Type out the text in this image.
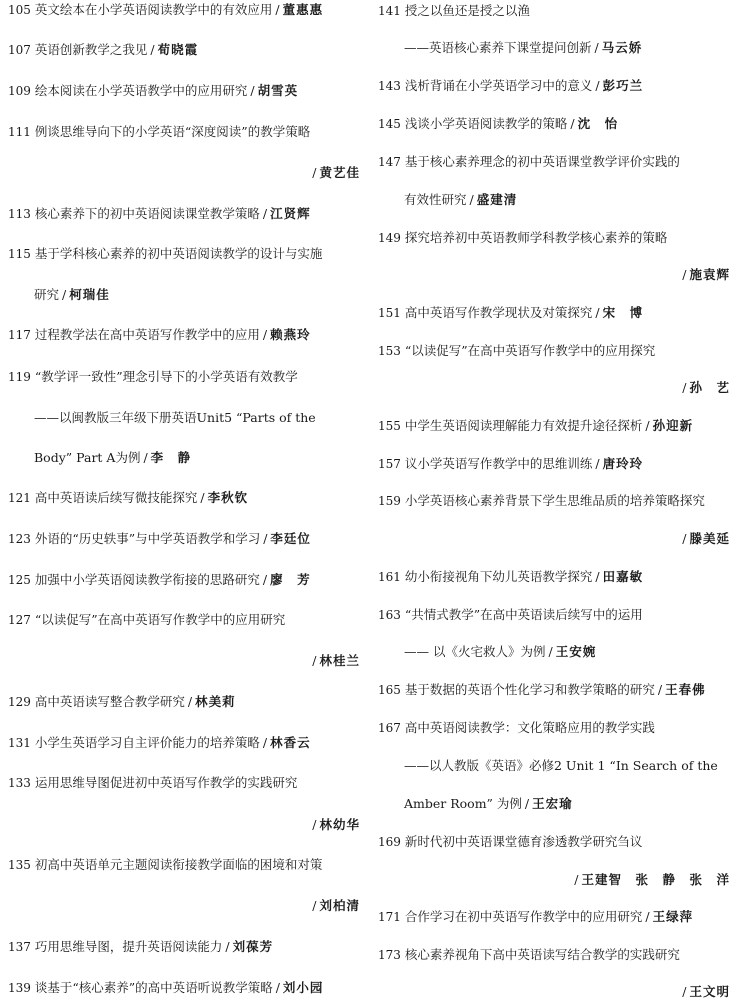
105 英文绘本在小学英语阅读教学中的有效应用 / 董惠惠
107 英语创新教学之我见 / 荀晓霞
109 绘本阅读在小学英语教学中的应用研究 / 胡雪英
111 例谈思维导向下的小学英语“深度阅读”的教学策略
/ 黄艺佳
113 核心素养下的初中英语阅读课堂教学策略 / 江贤辉
115 基于学科核心素养的初中英语阅读教学的设计与实施
研究 / 柯瑞佳
117 过程教学法在高中英语写作教学中的应用 / 赖燕玲
119 “教学评一致性”理念引导下的小学英语有效教学
——以闽教版三年级下册英语Unit5 “Parts of the
Body” Part A为例 / 李　静
121 高中英语读后续写微技能探究 / 李秋钦
123 外语的“历史轶事”与中学英语教学和学习 / 李廷位
125 加强中小学英语阅读教学衔接的思路研究 / 廖　芳
127 “以读促写”在高中英语写作教学中的应用研究
/ 林桂兰
129 高中英语读写整合教学研究 / 林美莉
131 小学生英语学习自主评价能力的培养策略 / 林香云
133 运用思维导图促进初中英语写作教学的实践研究
/ 林幼华
135 初高中英语单元主题阅读衔接教学面临的困境和对策
/ 刘柏清
137 巧用思维导图，提升英语阅读能力 / 刘葆芳
139 谈基于“核心素养”的高中英语听说教学策略 / 刘小园
141 授之以鱼还是授之以渔
——英语核心素养下课堂提问创新 / 马云娇
143 浅析背诵在小学英语学习中的意义 / 彭巧兰
145 浅谈小学英语阅读教学的策略 / 沈　怡
147 基于核心素养理念的初中英语课堂教学评价实践的
有效性研究 / 盛建清
149 探究培养初中英语教师学科教学核心素养的策略
/ 施袁辉
151 高中英语写作教学现状及对策探究 / 宋　博
153 “以读促写”在高中英语写作教学中的应用探究
/ 孙　艺
155 中学生英语阅读理解能力有效提升途径探析 / 孙迎新
157 议小学英语写作教学中的思维训练 / 唐玲玲
159 小学英语核心素养背景下学生思维品质的培养策略探究
/ 滕美延
161 幼小衔接视角下幼儿英语教学探究 / 田嘉敏
163 “共情式教学”在高中英语读后续写中的运用
—— 以《火宅救人》为例 / 王安婉
165 基于数据的英语个性化学习和教学策略的研究 / 王春佛
167 高中英语阅读教学：文化策略应用的教学实践
——以人教版《英语》必修2 Unit 1 “In Search of the
Amber Room” 为例 / 王宏瑜
169 新时代初中英语课堂德育渗透教学研究刍议
/ 王建智　张　静　张　洋
171 合作学习在初中英语写作教学中的应用研究 / 王绿萍
173 核心素养视角下高中英语读写结合教学的实践研究
/ 王文明
